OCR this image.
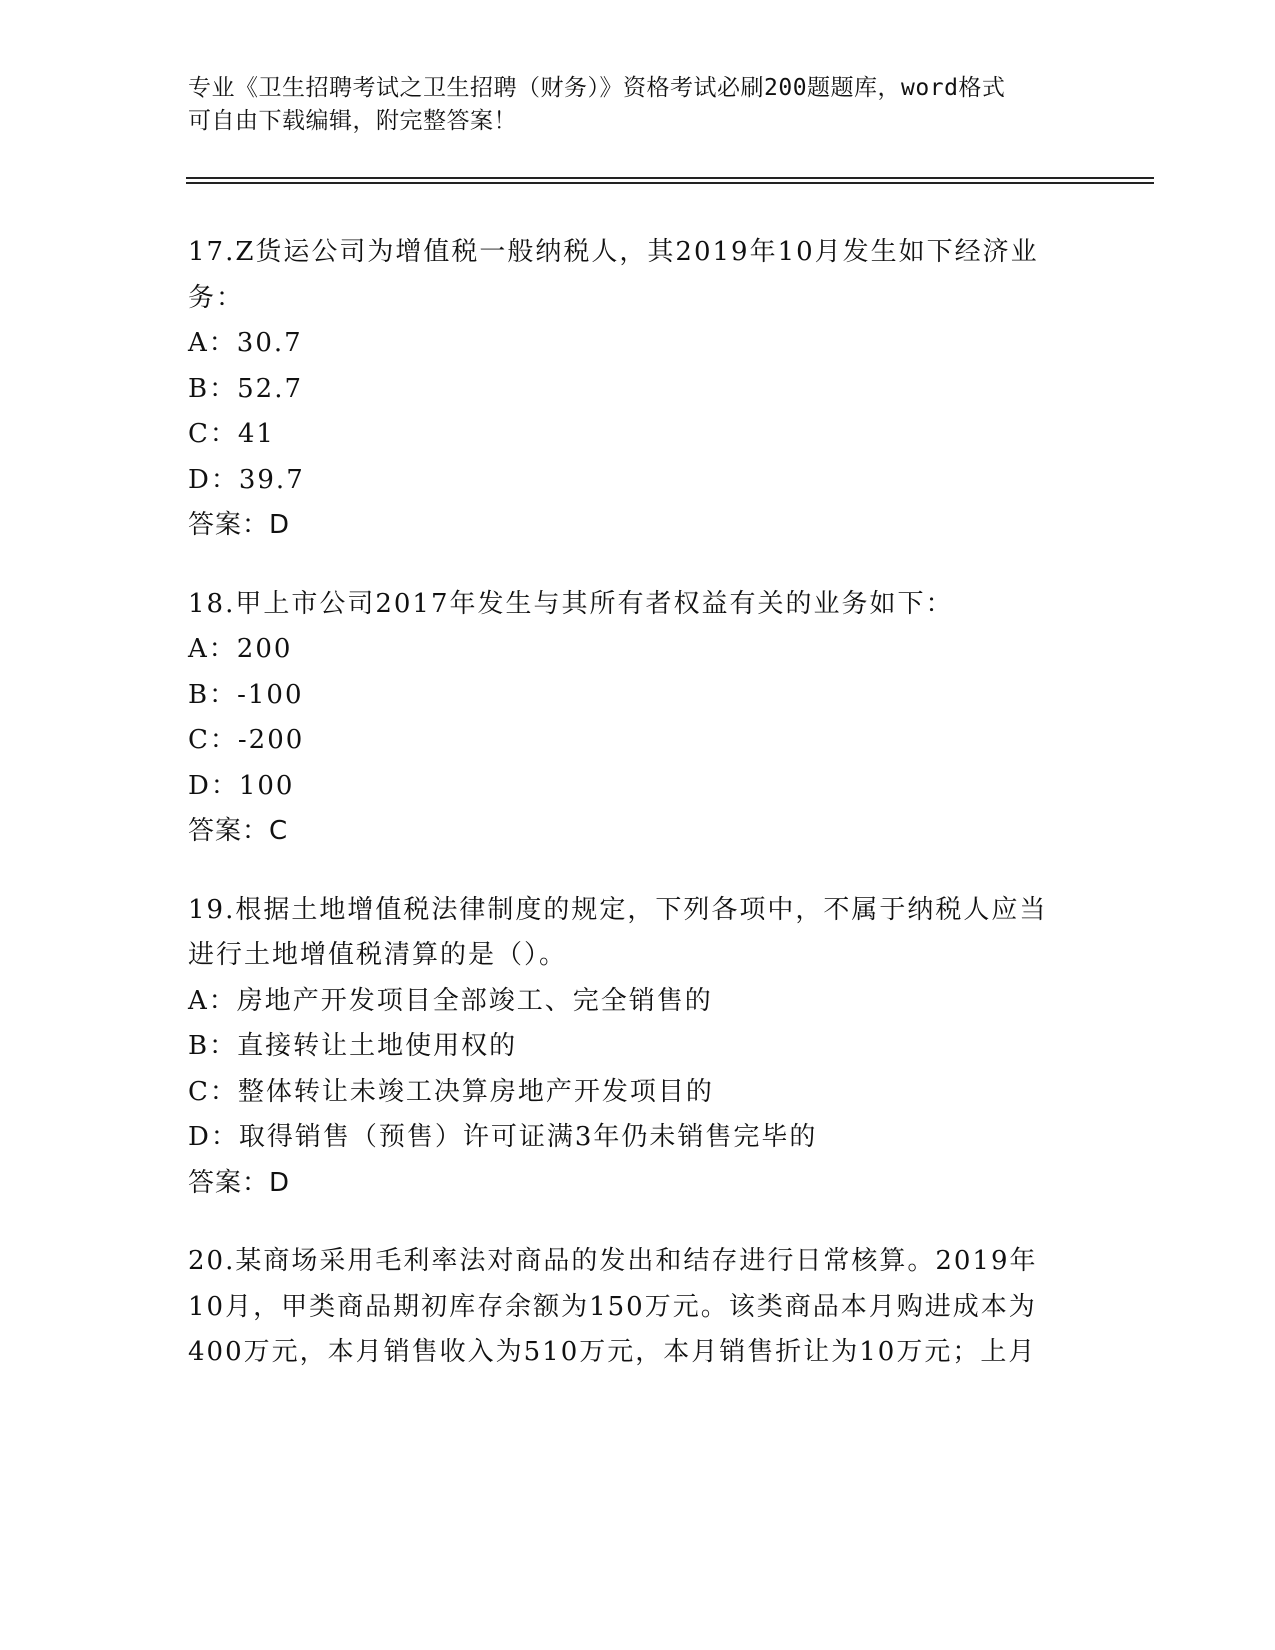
专业《卫生招聘考试之卫生招聘（财务）》资格考试必刷200题题库，word格式
可自由下载编辑，附完整答案！
17.Z货运公司为增值税一般纳税人，其2019年10月发生如下经济业
务：
A：30.7
B：52.7
C：41
D：39.7
答案：D
18.甲上市公司2017年发生与其所有者权益有关的业务如下：
A：200
B：-100
C：-200
D：100
答案：C
19.根据土地增值税法律制度的规定，下列各项中，不属于纳税人应当
进行土地增值税清算的是（）。
A：房地产开发项目全部竣工、完全销售的
B：直接转让土地使用权的
C：整体转让未竣工决算房地产开发项目的
D：取得销售（预售）许可证满3年仍未销售完毕的
答案：D
20.某商场采用毛利率法对商品的发出和结存进行日常核算。2019年
10月，甲类商品期初库存余额为150万元。该类商品本月购进成本为
400万元，本月销售收入为510万元，本月销售折让为10万元；上月
